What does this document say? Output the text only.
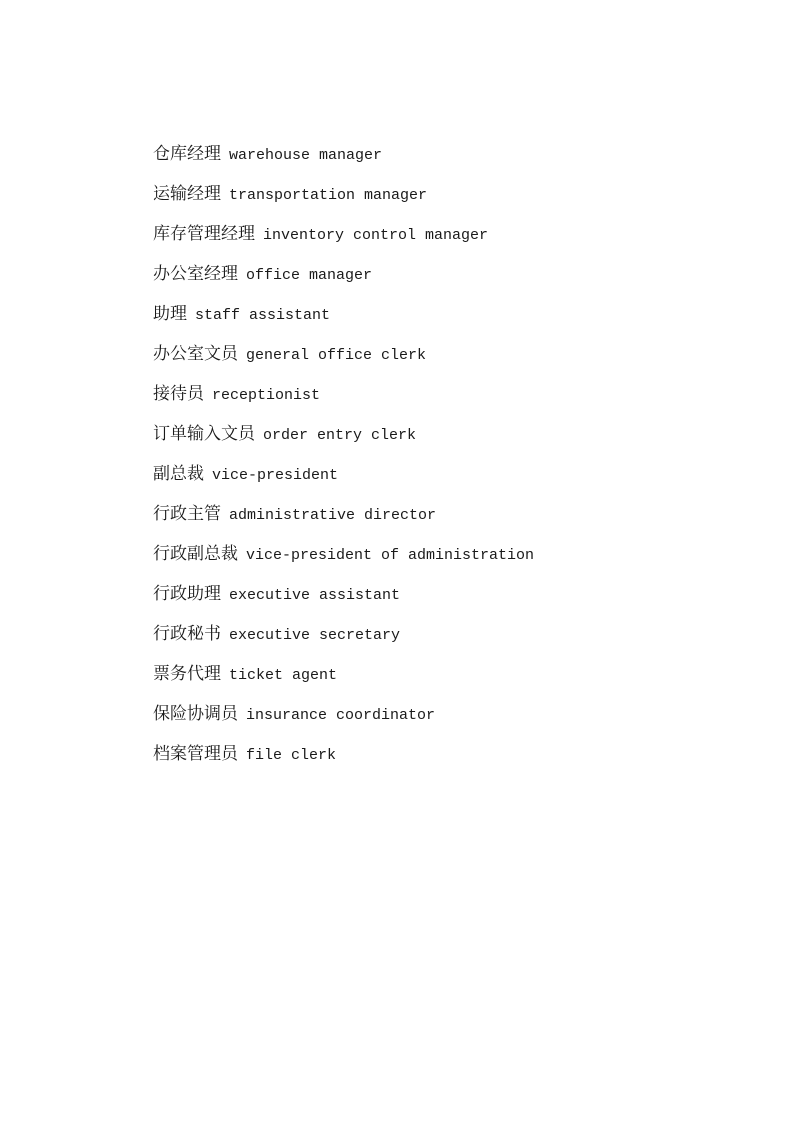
仓库经理 warehouse manager
运输经理 transportation manager
库存管理经理 inventory control manager
办公室经理 office manager
助理 staff assistant
办公室文员 general office clerk
接待员 receptionist
订单输入文员 order entry clerk
副总裁 vice-president
行政主管 administrative director
行政副总裁 vice-president of administration
行政助理 executive assistant
行政秘书 executive secretary
票务代理 ticket agent
保险协调员 insurance coordinator
档案管理员 file clerk
